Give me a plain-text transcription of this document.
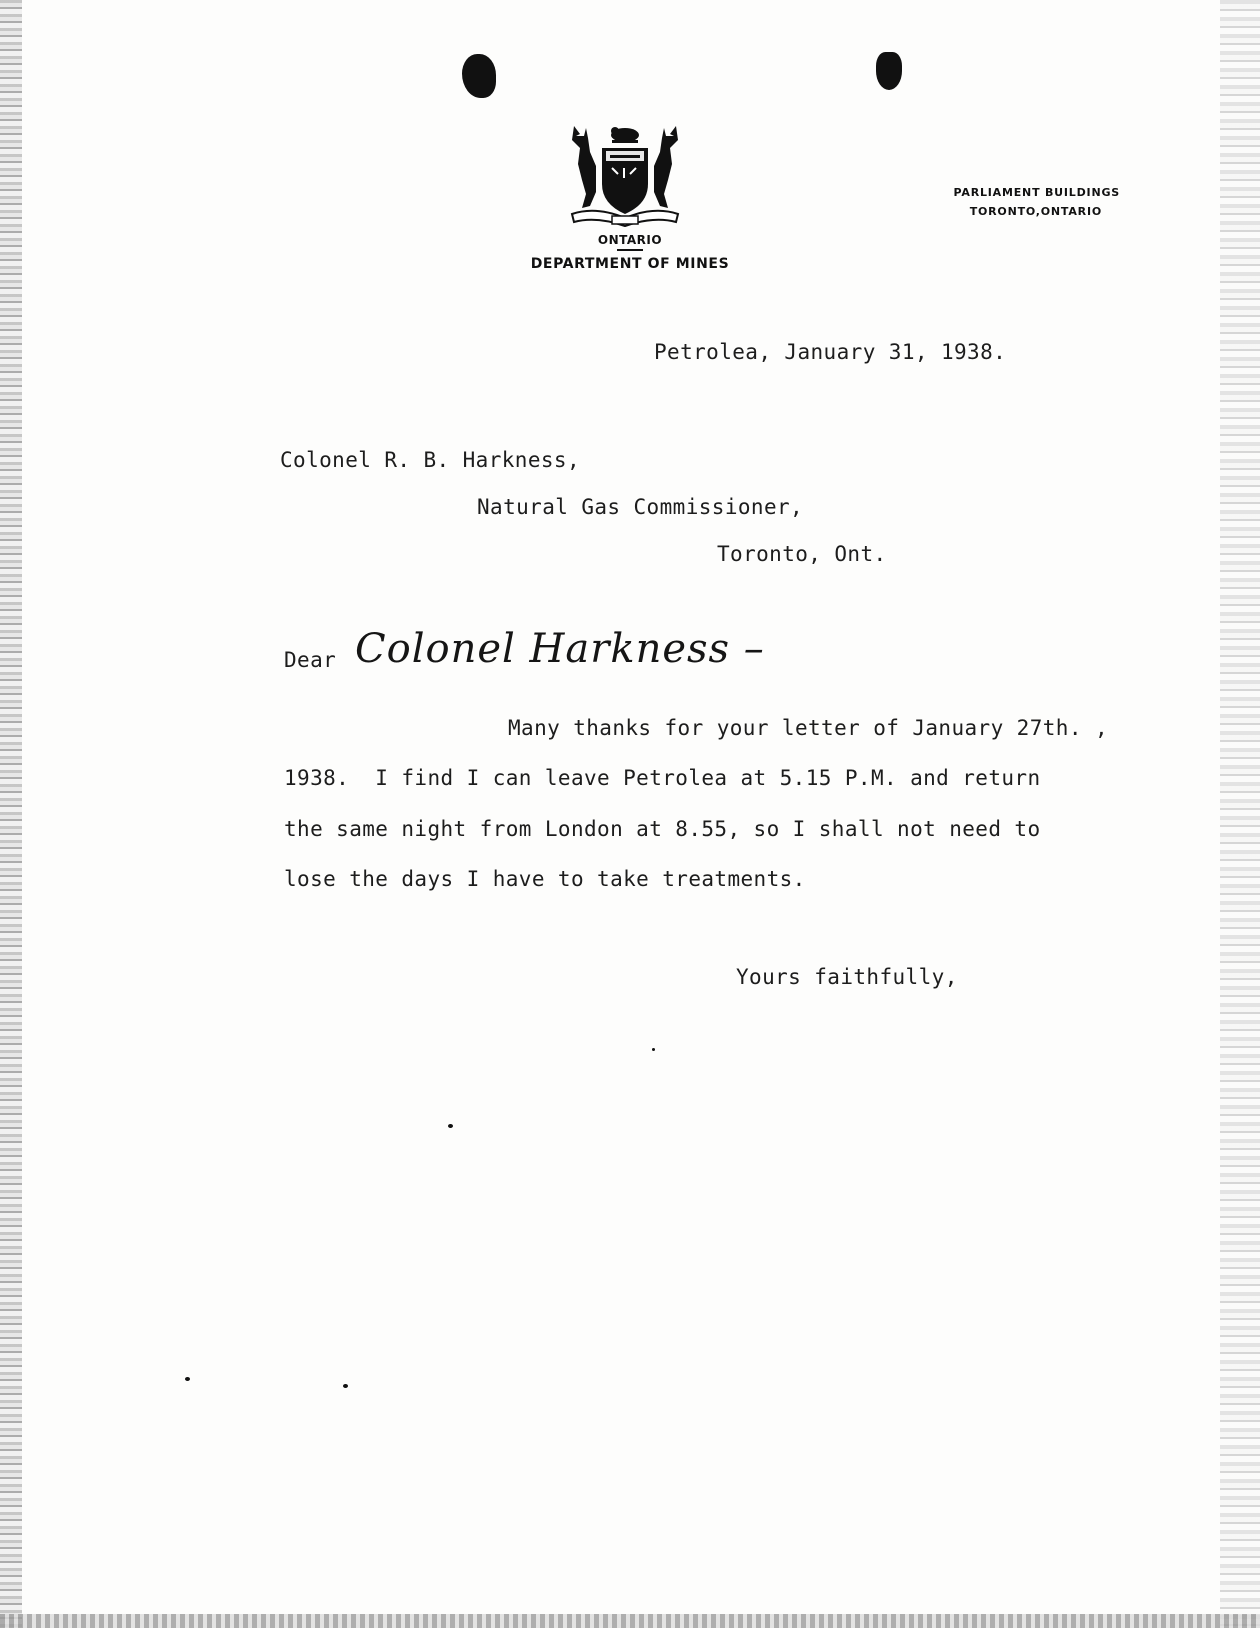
ONTARIO
DEPARTMENT OF MINES
PARLIAMENT BUILDINGS
TORONTO,ONTARIO
Petrolea, January 31, 1938.
Colonel R. B. Harkness,
Natural Gas Commissioner,
Toronto, Ont.
Dear Colonel Harkness –
Many thanks for your letter of January 27th. ,
1938.  I find I can leave Petrolea at 5.15 P.M. and return
the same night from London at 8.55, so I shall not need to
lose the days I have to take treatments.
Yours faithfully,
